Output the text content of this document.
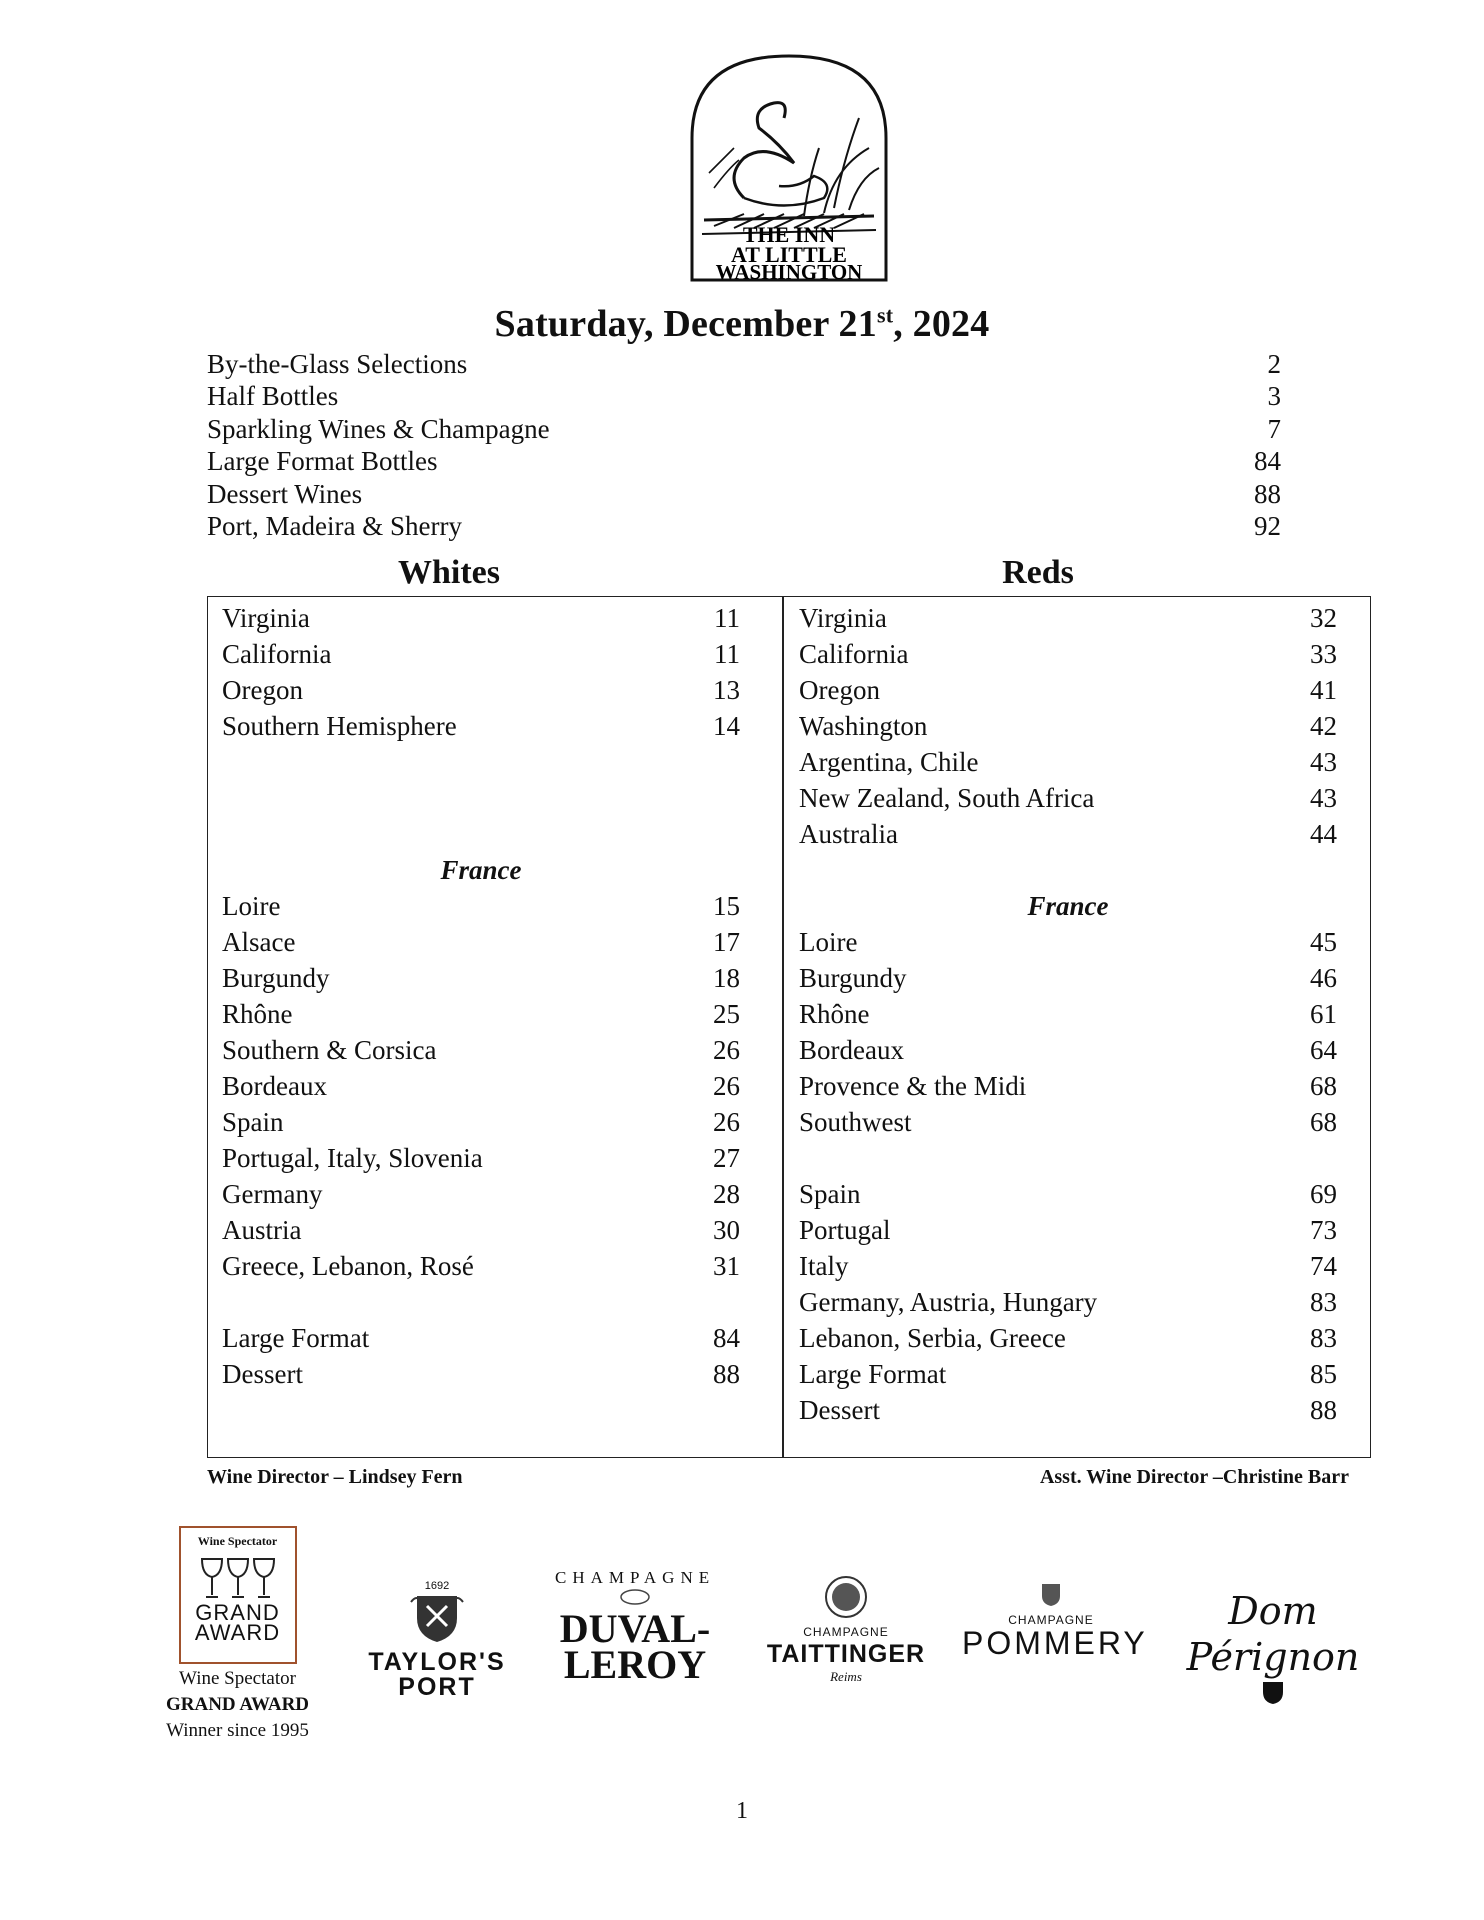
THE INN
AT LITTLE
WASHINGTON
Saturday, December 21st, 2024
By-the-Glass Selections	2
Half Bottles	3
Sparkling Wines & Champagne	7
Large Format Bottles	84
Dessert Wines	88
Port, Madeira & Sherry	92
Whites	Reds
Virginia	11
California	11
Oregon	13
Southern Hemisphere	14
France
Loire	15
Alsace	17
Burgundy	18
Rhône	25
Southern & Corsica	26
Bordeaux	26
Spain	26
Portugal, Italy, Slovenia	27
Germany	28
Austria	30
Greece, Lebanon, Rosé	31
Large Format	84
Dessert	88
Virginia	32
California	33
Oregon	41
Washington	42
Argentina, Chile	43
New Zealand, South Africa	43
Australia	44
France
Loire	45
Burgundy	46
Rhône	61
Bordeaux	64
Provence & the Midi	68
Southwest	68
Spain	69
Portugal	73
Italy	74
Germany, Austria, Hungary	83
Lebanon, Serbia, Greece	83
Large Format	85
Dessert	88
Wine Director – Lindsey Fern	Asst. Wine Director –Christine Barr
Wine Spectator
GRAND
AWARD
Wine Spectator
GRAND AWARD
Winner since 1995
1692
TAYLOR'S
PORT
CHAMPAGNE
DUVAL-
LEROY
CHAMPAGNE
TAITTINGER
Reims
CHAMPAGNE
POMMERY
Dom Pérignon
1
